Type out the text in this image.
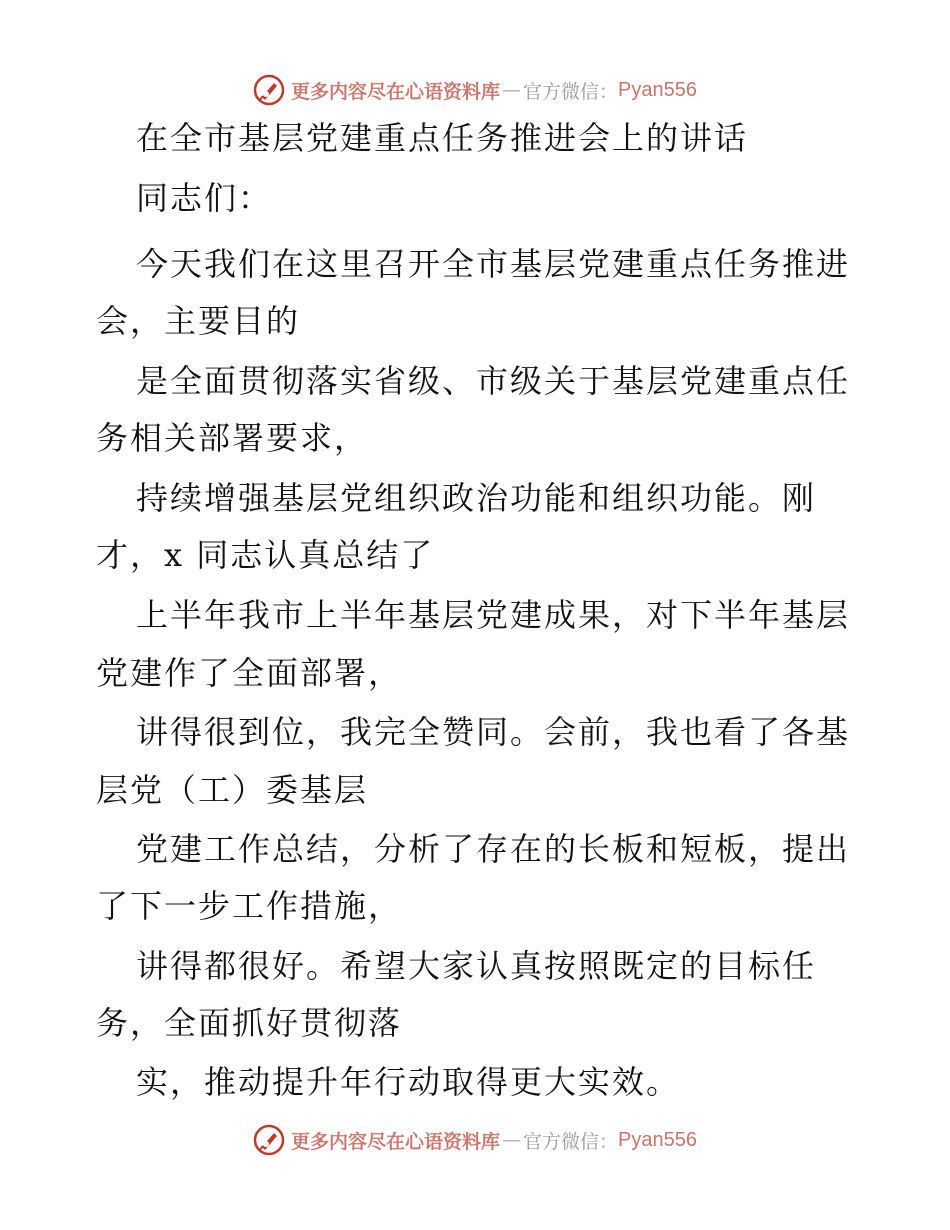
更多内容尽在心语资料库 — 官方微信： Pyan556
在全市基层党建重点任务推进会上的讲话
同志们：
今天我们在这里召开全市基层党建重点任务推进
会，主要目的
是全面贯彻落实省级、市级关于基层党建重点任
务相关部署要求，
持续增强基层党组织政治功能和组织功能。刚
才，x 同志认真总结了
上半年我市上半年基层党建成果，对下半年基层
党建作了全面部署，
讲得很到位，我完全赞同。会前，我也看了各基
层党（工）委基层
党建工作总结，分析了存在的长板和短板，提出
了下一步工作措施，
讲得都很好。希望大家认真按照既定的目标任
务，全面抓好贯彻落
实，推动提升年行动取得更大实效。
更多内容尽在心语资料库 — 官方微信： Pyan556
